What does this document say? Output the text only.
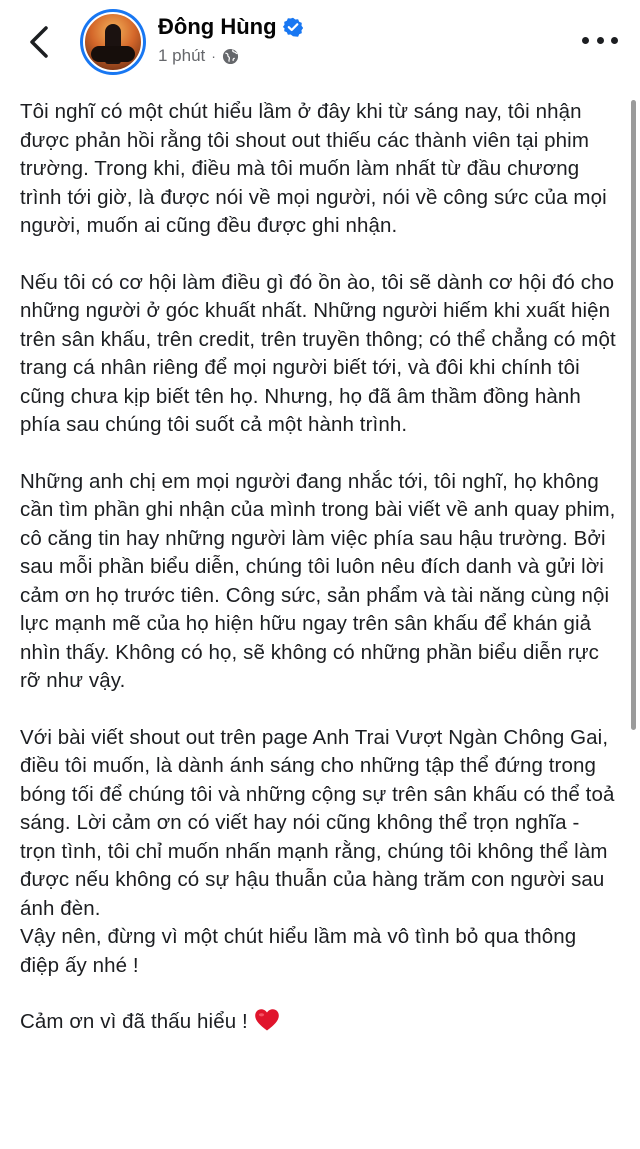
Đông Hùng
1 phút ·

Tôi nghĩ có một chút hiểu lầm ở đây khi từ sáng nay, tôi nhận được phản hồi rằng tôi shout out thiếu các thành viên tại phim trường. Trong khi, điều mà tôi muốn làm nhất từ đầu chương trình tới giờ, là được nói về mọi người, nói về công sức của mọi người, muốn ai cũng đều được ghi nhận.

Nếu tôi có cơ hội làm điều gì đó ồn ào, tôi sẽ dành cơ hội đó cho những người ở góc khuất nhất. Những người hiếm khi xuất hiện trên sân khấu, trên credit, trên truyền thông; có thể chẳng có một trang cá nhân riêng để mọi người biết tới, và đôi khi chính tôi cũng chưa kịp biết tên họ. Nhưng, họ đã âm thầm đồng hành phía sau chúng tôi suốt cả một hành trình.

Những anh chị em mọi người đang nhắc tới, tôi nghĩ, họ không cần tìm phần ghi nhận của mình trong bài viết về anh quay phim, cô căng tin hay những người làm việc phía sau hậu trường. Bởi sau mỗi phần biểu diễn, chúng tôi luôn nêu đích danh và gửi lời cảm ơn họ trước tiên. Công sức, sản phẩm và tài năng cùng nội lực mạnh mẽ của họ hiện hữu ngay trên sân khấu để khán giả nhìn thấy. Không có họ, sẽ không có những phần biểu diễn rực rỡ như vậy.

Với bài viết shout out trên page Anh Trai Vượt Ngàn Chông Gai, điều tôi muốn, là dành ánh sáng cho những tập thể đứng trong bóng tối để chúng tôi và những cộng sự trên sân khấu có thể toả sáng. Lời cảm ơn có viết hay nói cũng không thể trọn nghĩa - trọn tình, tôi chỉ muốn nhấn mạnh rằng, chúng tôi không thể làm được nếu không có sự hậu thuẫn của hàng trăm con người sau ánh đèn.

Vậy nên, đừng vì một chút hiểu lầm mà vô tình bỏ qua thông điệp ấy nhé !

Cảm ơn vì đã thấu hiểu !
